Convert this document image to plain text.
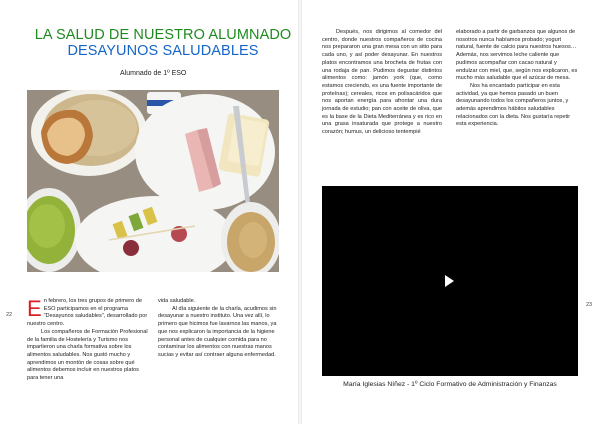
LA SALUD DE NUESTRO ALUMNADO
DESAYUNOS SALUDABLES
Alumnado de 1º ESO
22 En febrero, los tres grupos de primero de ESO participamos en el programa “Desayunos saludables”, desarrollado por nuestro centro.

Los compañeros de Formación Profesional de la familia de Hostelería y Turismo nos impartieron una charla formativa sobre los alimentos saludables. Nos gustó mucho y aprendimos un montón de cosas sobre qué alimentos debemos incluir en nuestros platos para tener una

vida saludable.

Al día siguiente de la charla, acudimos sin desayunar a nuestro instituto. Una vez allí, lo primero que hicimos fue lavarnos las manos, ya que nos explicaron la importancia de la higiene personal antes de cualquier comida para no contaminar los alimentos con nuestras manos sucias y evitar así contraer alguna enfermedad.

Después, nos dirigimos al comedor del centro, donde nuestros compañeros de cocina nos prepararon una gran mesa con un sitio para cada uno, y así poder desayunar. En nuestros platos encontramos una brocheta de frutas con una rodaja de pan. Pudimos degustar distintos alimentos como: jamón york (que, como estamos creciendo, es una fuente importante de proteínas); cereales, ricos en polisacáridos que nos aportan energía para afrontar una dura jornada de estudio; pan con aceite de oliva, que es la base de la Dieta Mediterránea y es rico en una grasa insaturada que protege a nuestro corazón; humus, un delicioso tentempié

elaborado a partir de garbanzos que algunos de nosotros nunca habíamos probado; yogurt natural, fuente de calcio para nuestros huesos… Además, nos servimos leche caliente que pudimos acompañar con cacao natural y endulzar con miel, que, según nos explicaron, es mucho más saludable que el azúcar de mesa.

Nos ha encantado participar en esta actividad, ya que hemos pasado un buen desayunando todos los compañeros juntos, y además aprendimos hábitos saludables relacionados con la dieta. Nos gustaría repetir esta experiencia.

23
María Iglesias Níñez - 1º Ciclo Formativo de Administración y Finanzas
